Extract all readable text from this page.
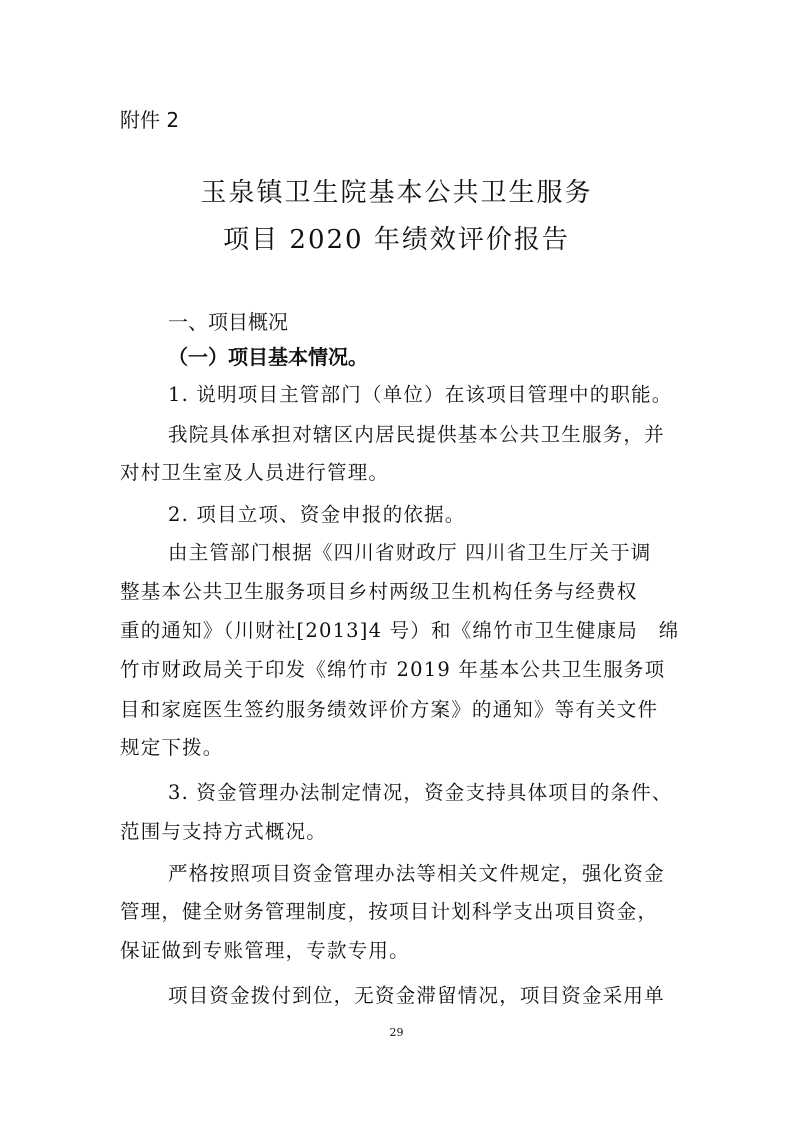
附件 2
玉泉镇卫生院基本公共卫生服务
项目 2020 年绩效评价报告
一、项目概况
（一）项目基本情况。
1. 说明项目主管部门（单位）在该项目管理中的职能。
我院具体承担对辖区内居民提供基本公共卫生服务，并
对村卫生室及人员进行管理。
2. 项目立项、资金申报的依据。
由主管部门根据《四川省财政厅 四川省卫生厅关于调
整基本公共卫生服务项目乡村两级卫生机构任务与经费权
重的通知》（川财社[2013]4 号）和《绵竹市卫生健康局　绵
竹市财政局关于印发《绵竹市 2019 年基本公共卫生服务项
目和家庭医生签约服务绩效评价方案》的通知》等有关文件
规定下拨。
3. 资金管理办法制定情况，资金支持具体项目的条件、
范围与支持方式概况。
严格按照项目资金管理办法等相关文件规定，强化资金
管理，健全财务管理制度，按项目计划科学支出项目资金，
保证做到专账管理，专款专用。
项目资金拨付到位，无资金滞留情况，项目资金采用单
29
